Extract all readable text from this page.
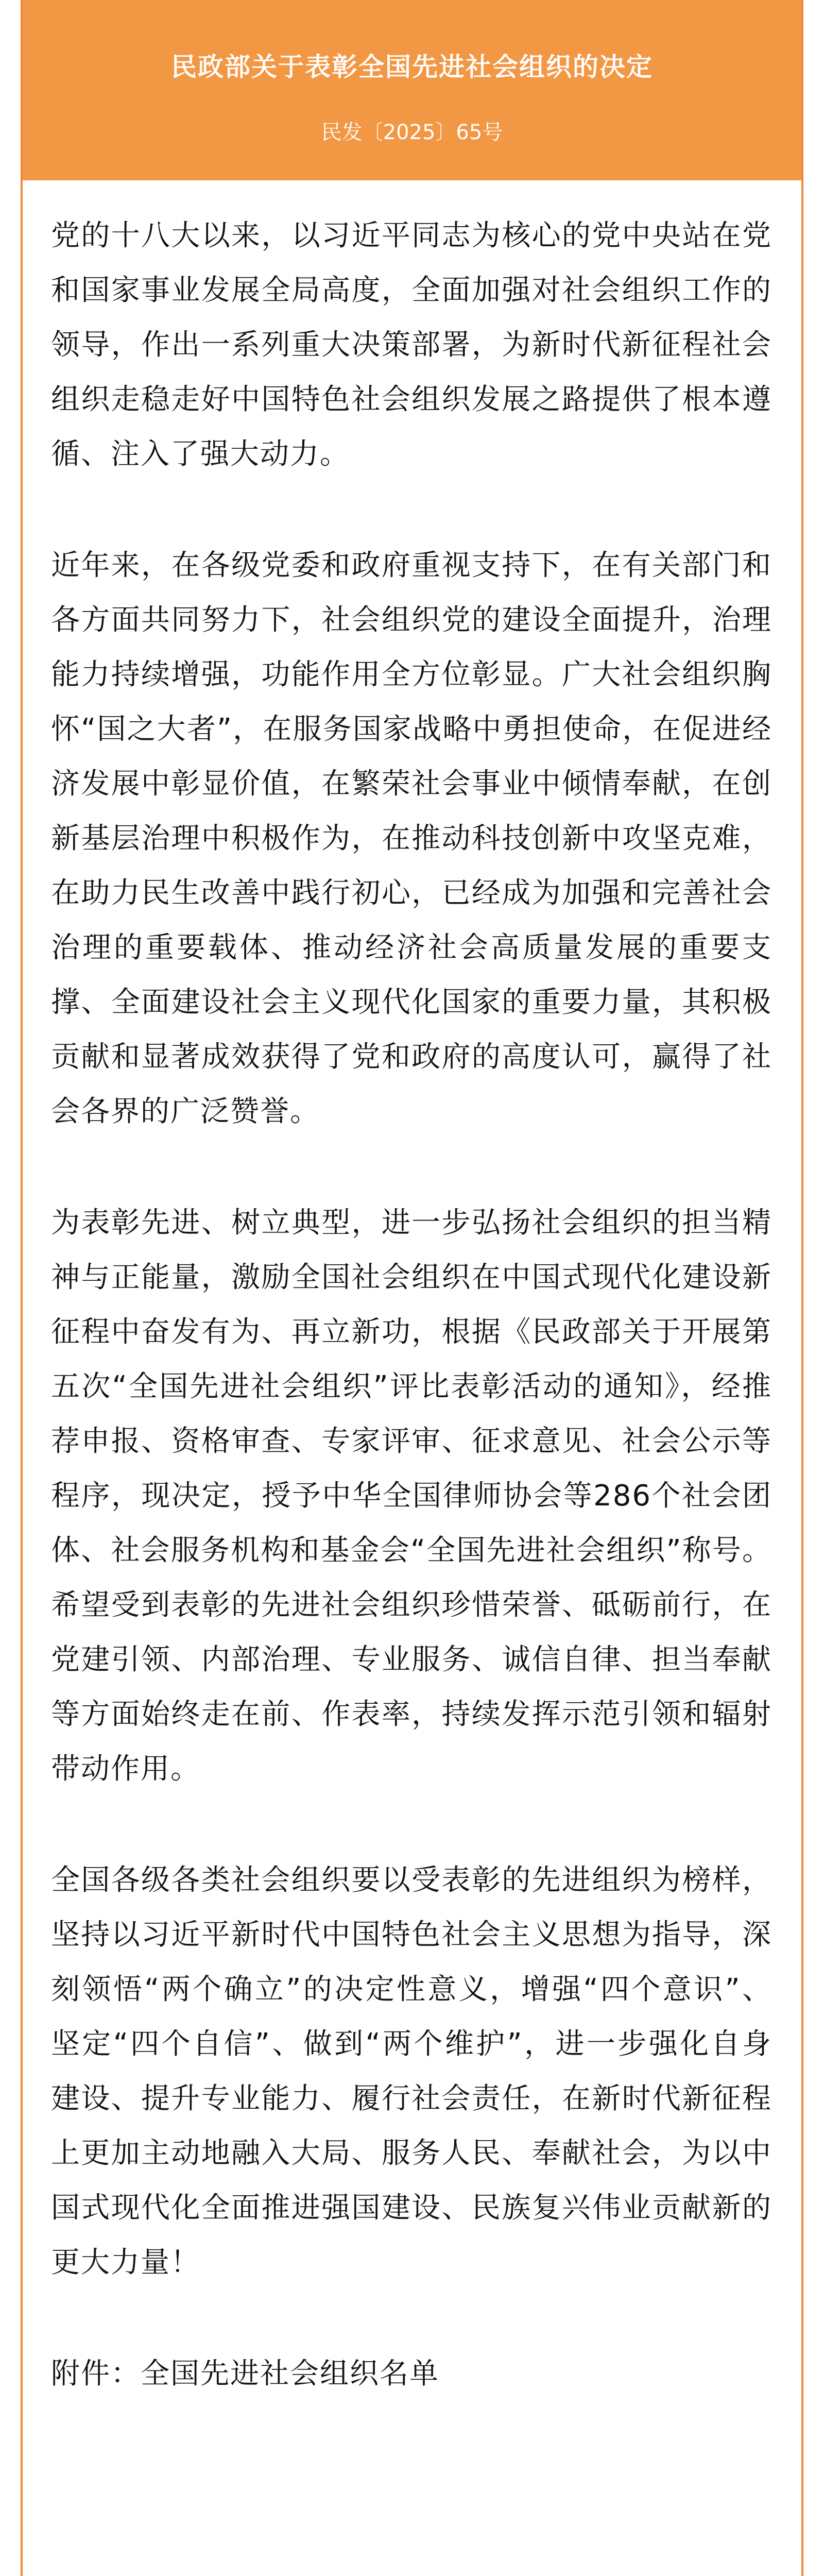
民政部关于表彰全国先进社会组织的决定
民发〔2025〕65号

党的十八大以来，以习近平同志为核心的党中央站在党和国家事业发展全局高度，全面加强对社会组织工作的领导，作出一系列重大决策部署，为新时代新征程社会组织走稳走好中国特色社会组织发展之路提供了根本遵循、注入了强大动力。

近年来，在各级党委和政府重视支持下，在有关部门和各方面共同努力下，社会组织党的建设全面提升，治理能力持续增强，功能作用全方位彰显。广大社会组织胸怀“国之大者”，在服务国家战略中勇担使命，在促进经济发展中彰显价值，在繁荣社会事业中倾情奉献，在创新基层治理中积极作为，在推动科技创新中攻坚克难，在助力民生改善中践行初心，已经成为加强和完善社会治理的重要载体、推动经济社会高质量发展的重要支撑、全面建设社会主义现代化国家的重要力量，其积极贡献和显著成效获得了党和政府的高度认可，赢得了社会各界的广泛赞誉。

为表彰先进、树立典型，进一步弘扬社会组织的担当精神与正能量，激励全国社会组织在中国式现代化建设新征程中奋发有为、再立新功，根据《民政部关于开展第五次“全国先进社会组织”评比表彰活动的通知》，经推荐申报、资格审查、专家评审、征求意见、社会公示等程序，现决定，授予中华全国律师协会等286个社会团体、社会服务机构和基金会“全国先进社会组织”称号。希望受到表彰的先进社会组织珍惜荣誉、砥砺前行，在党建引领、内部治理、专业服务、诚信自律、担当奉献等方面始终走在前、作表率，持续发挥示范引领和辐射带动作用。

全国各级各类社会组织要以受表彰的先进组织为榜样，坚持以习近平新时代中国特色社会主义思想为指导，深刻领悟“两个确立”的决定性意义，增强“四个意识”、坚定“四个自信”、做到“两个维护”，进一步强化自身建设、提升专业能力、履行社会责任，在新时代新征程上更加主动地融入大局、服务人民、奉献社会，为以中国式现代化全面推进强国建设、民族复兴伟业贡献新的更大力量！

附件：全国先进社会组织名单
